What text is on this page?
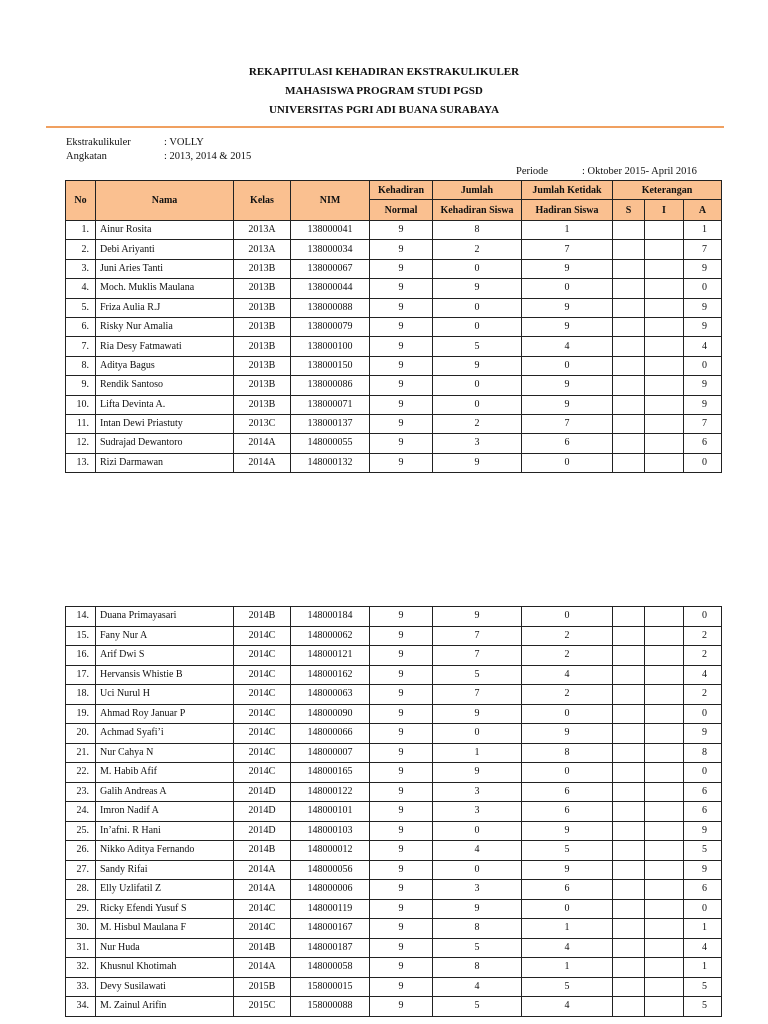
REKAPITULASI KEHADIRAN EKSTRAKULIKULER
MAHASISWA PROGRAM STUDI PGSD
UNIVERSITAS PGRI ADI BUANA SURABAYA
Ekstrakulikuler	: VOLLY
Angkatan	: 2013, 2014 & 2015
Periode	: Oktober 2015- April 2016
No	Nama	Kelas	NIM	Kehadiran	Jumlah	Jumlah Ketidak	Keterangan		
				Normal	Kehadiran Siswa	Hadiran Siswa	S	I	A
1.	Ainur Rosita	2013A	138000041	9	8	1			1
2.	Debi Ariyanti	2013A	138000034	9	2	7			7
3.	Juni Aries Tanti	2013B	138000067	9	0	9			9
4.	Moch. Muklis Maulana	2013B	138000044	9	9	0			0
5.	Friza Aulia R.J	2013B	138000088	9	0	9			9
6.	Risky Nur Amalia	2013B	138000079	9	0	9			9
7.	Ria Desy Fatmawati	2013B	138000100	9	5	4			4
8.	Aditya Bagus	2013B	138000150	9	9	0			0
9.	Rendik Santoso	2013B	138000086	9	0	9			9
10.	Lifta Devinta A.	2013B	138000071	9	0	9			9
11.	Intan Dewi Priastuty	2013C	138000137	9	2	7			7
12.	Sudrajad Dewantoro	2014A	148000055	9	3	6			6
13.	Rizi Darmawan	2014A	148000132	9	9	0			0
14.	Duana Primayasari	2014B	148000184	9	9	0			0
15.	Fany Nur A	2014C	148000062	9	7	2			2
16.	Arif Dwi S	2014C	148000121	9	7	2			2
17.	Hervansis Whistie B	2014C	148000162	9	5	4			4
18.	Uci Nurul H	2014C	148000063	9	7	2			2
19.	Ahmad Roy Januar P	2014C	148000090	9	9	0			0
20.	Achmad Syafi’i	2014C	148000066	9	0	9			9
21.	Nur Cahya N	2014C	148000007	9	1	8			8
22.	M. Habib Afif	2014C	148000165	9	9	0			0
23.	Galih Andreas A	2014D	148000122	9	3	6			6
24.	Imron Nadif A	2014D	148000101	9	3	6			6
25.	In’afni. R Hani	2014D	148000103	9	0	9			9
26.	Nikko Aditya Fernando	2014B	148000012	9	4	5			5
27.	Sandy Rifai	2014A	148000056	9	0	9			9
28.	Elly Uzlifatil Z	2014A	148000006	9	3	6			6
29.	Ricky Efendi Yusuf S	2014C	148000119	9	9	0			0
30.	M. Hisbul Maulana F	2014C	148000167	9	8	1			1
31.	Nur Huda	2014B	148000187	9	5	4			4
32.	Khusnul Khotimah	2014A	148000058	9	8	1			1
33.	Devy Susilawati	2015B	158000015	9	4	5			5
34.	M. Zainul Arifin	2015C	158000088	9	5	4			5
